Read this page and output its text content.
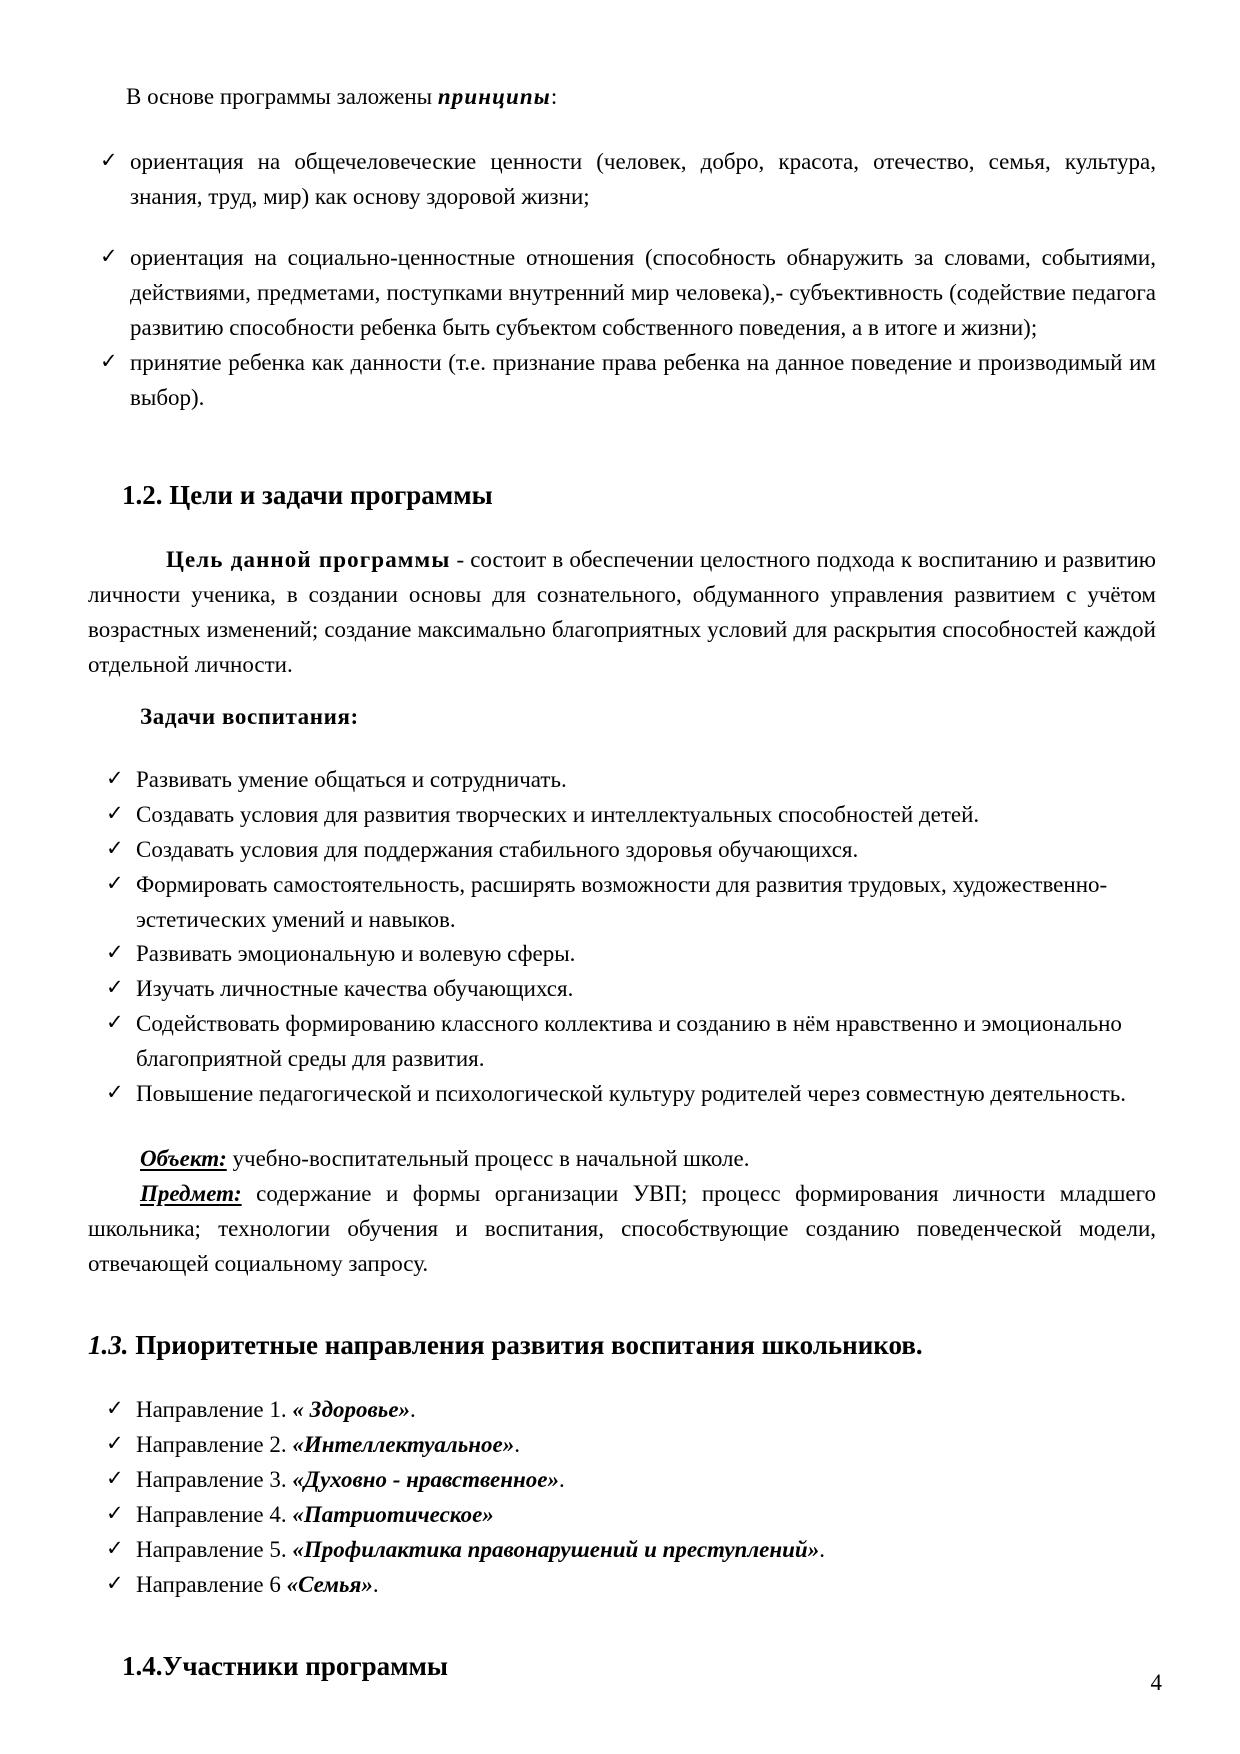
В основе программы заложены принципы:

✓ ориентация на общечеловеческие ценности (человек, добро, красота, отечество, семья, культура, знания, труд, мир) как основу здоровой жизни;
✓ ориентация на социально-ценностные отношения (способность обнаружить за словами, событиями, действиями, предметами, поступками внутренний мир человека),- субъективность (содействие педагога развитию способности ребенка быть субъектом собственного поведения, а в итоге и жизни);
✓ принятие ребенка как данности (т.е. признание права ребенка на данное поведение и производимый им выбор).
1.2. Цели и задачи программы

Цель данной программы - состоит в обеспечении целостного подхода к воспитанию и развитию личности ученика, в создании основы для сознательного, обдуманного управления развитием с учётом возрастных изменений; создание максимально благоприятных условий для раскрытия способностей каждой отдельной личности.

Задачи воспитания:
✓ Развивать умение общаться и сотрудничать.
✓ Создавать условия для развития творческих и интеллектуальных способностей детей.
✓ Создавать условия для поддержания стабильного здоровья обучающихся.
✓ Формировать самостоятельность, расширять возможности для развития трудовых, художественно-эстетических умений и навыков.
✓ Развивать эмоциональную и волевую сферы.
✓ Изучать личностные качества обучающихся.
✓ Содействовать формированию классного коллектива и созданию в нём нравственно и эмоционально благоприятной среды для развития.
✓ Повышение педагогической и психологической культуру родителей через совместную деятельность.

Объект: учебно-воспитательный процесс в начальной школе.

Предмет: содержание и формы организации УВП; процесс формирования личности младшего школьника; технологии обучения и воспитания, способствующие созданию поведенческой модели, отвечающей социальному запросу.

1.3. Приоритетные направления развития воспитания школьников.
✓ Направление 1. « Здоровье».
✓ Направление 2. «Интеллектуальное».
✓ Направление 3. «Духовно - нравственное».
✓ Направление 4. «Патриотическое»
✓ Направление 5. «Профилактика правонарушений и преступлений».
✓ Направление 6 «Семья».
1.4.Участники программы
4
